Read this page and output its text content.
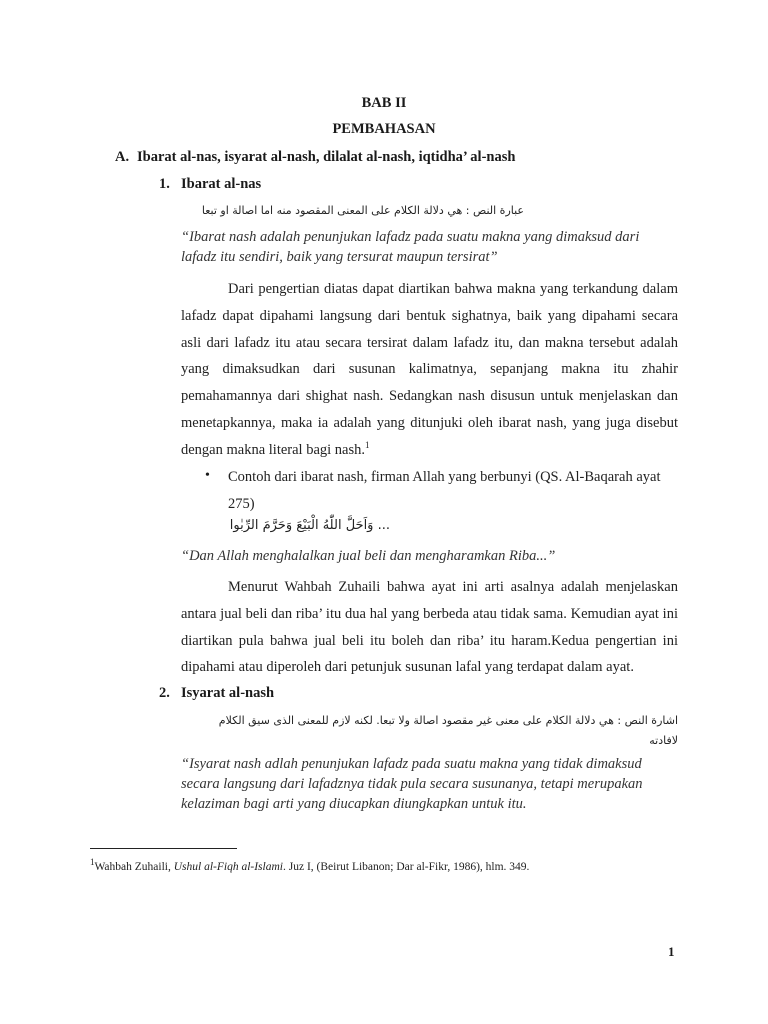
BAB II
PEMBAHASAN
A. Ibarat al-nas, isyarat al-nash, dilalat al-nash, iqtidha’ al-nash
1. Ibarat al-nas
عبارة النص : هي دلالة الكلام على المعنى المقصود منه اما اصالة او تبعا
“Ibarat nash adalah penunjukan lafadz pada suatu makna yang dimaksud dari lafadz itu sendiri, baik yang tersurat maupun tersirat”
Dari pengertian diatas dapat diartikan bahwa makna yang terkandung dalam lafadz dapat dipahami langsung dari bentuk sighatnya, baik yang dipahami secara asli dari lafadz itu atau secara tersirat dalam lafadz itu, dan makna tersebut adalah yang dimaksudkan dari susunan kalimatnya, sepanjang makna itu zhahir pemahamannya dari shighat nash. Sedangkan nash disusun untuk menjelaskan dan menetapkannya, maka ia adalah yang ditunjuki oleh ibarat nash, yang juga disebut dengan makna literal bagi nash.$^1$
• Contoh dari ibarat nash, firman Allah yang berbunyi (QS. Al-Baqarah ayat 275)
... وَاَحَلَّ اللّٰهُ الْبَيْعَ وَحَرَّمَ الرِّبٰوا
“Dan Allah menghalalkan jual beli dan mengharamkan Riba...”
Menurut Wahbah Zuhaili bahwa ayat ini arti asalnya adalah menjelaskan antara jual beli dan riba’ itu dua hal yang berbeda atau tidak sama. Kemudian ayat ini diartikan pula bahwa jual beli itu boleh dan riba’ itu haram.Kedua pengertian ini dipahami atau diperoleh dari petunjuk susunan lafal yang terdapat dalam ayat.
2. Isyarat al-nash
اشارة النص : هي دلالة الكلام على معنى غير مقصود اصالة ولا تبعا. لكنه لازم للمعنى الذى سيق الكلام
لافادته
“Isyarat nash adlah penunjukan lafadz pada suatu makna yang tidak dimaksud secara langsung dari lafadznya tidak pula secara susunanya, tetapi merupakan kelaziman bagi arti yang diucapkan diungkapkan untuk itu.
$^1$Wahbah Zuhaili, Ushul al-Fiqh al-Islami. Juz I, (Beirut Libanon; Dar al-Fikr, 1986), hlm. 349.
1
